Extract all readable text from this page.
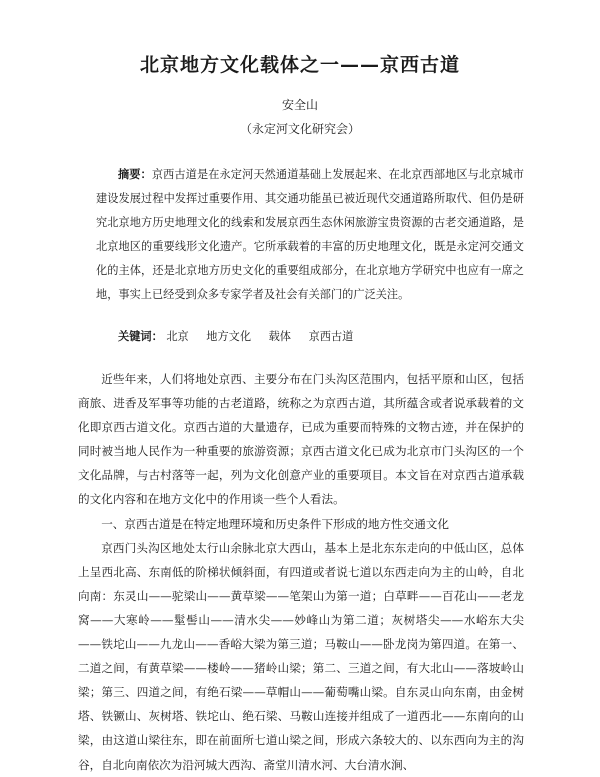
北京地方文化载体之一——京西古道
安全山
（永定河文化研究会）

摘要：京西古道是在永定河天然通道基础上发展起来、在北京西部地区与北京城市建设发展过程中发挥过重要作用、其交通功能虽已被近现代交通道路所取代、但仍是研究北京地方历史地理文化的线索和发展京西生态休闲旅游宝贵资源的古老交通道路，是北京地区的重要线形文化遗产。它所承载着的丰富的历史地理文化，既是永定河交通文化的主体，还是北京地方历史文化的重要组成部分，在北京地方学研究中也应有一席之地，事实上已经受到众多专家学者及社会有关部门的广泛关注。

关键词： 北京 地方文化 载体 京西古道

近些年来，人们将地处京西、主要分布在门头沟区范围内，包括平原和山区，包括商旅、进香及军事等功能的古老道路，统称之为京西古道，其所蕴含或者说承载着的文化即京西古道文化。京西古道的大量遗存，已成为重要而特殊的文物古迹，并在保护的同时被当地人民作为一种重要的旅游资源；京西古道文化已成为北京市门头沟区的一个文化品牌，与古村落等一起，列为文化创意产业的重要项目。本文旨在对京西古道承载的文化内容和在地方文化中的作用谈一些个人看法。

一、京西古道是在特定地理环境和历史条件下形成的地方性交通文化

京西门头沟区地处太行山余脉北京大西山，基本上是北东东走向的中低山区，总体上呈西北高、东南低的阶梯状倾斜面，有四道或者说七道以东西走向为主的山岭，自北向南：东灵山——驼梁山——黄草梁——笔架山为第一道；白草畔——百花山——老龙窝——大寒岭——髽髻山——清水尖——妙峰山为第二道；灰树塔尖——水峪东大尖——铁坨山——九龙山——香峪大梁为第三道；马鞍山——卧龙岗为第四道。在第一、二道之间，有黄草梁——楼岭——猪岭山梁；第二、三道之间，有大北山——落坡岭山梁；第三、四道之间，有绝石梁——草帽山——葡萄嘴山梁。自东灵山向东南，由金树塔、铁镢山、灰树塔、铁坨山、绝石梁、马鞍山连接并组成了一道西北——东南向的山梁，由这道山梁往东，即在前面所七道山梁之间，形成六条较大的、以东西向为主的沟谷，自北向南依次为沿河城大西沟、斋堂川清水河、大台清水涧、
